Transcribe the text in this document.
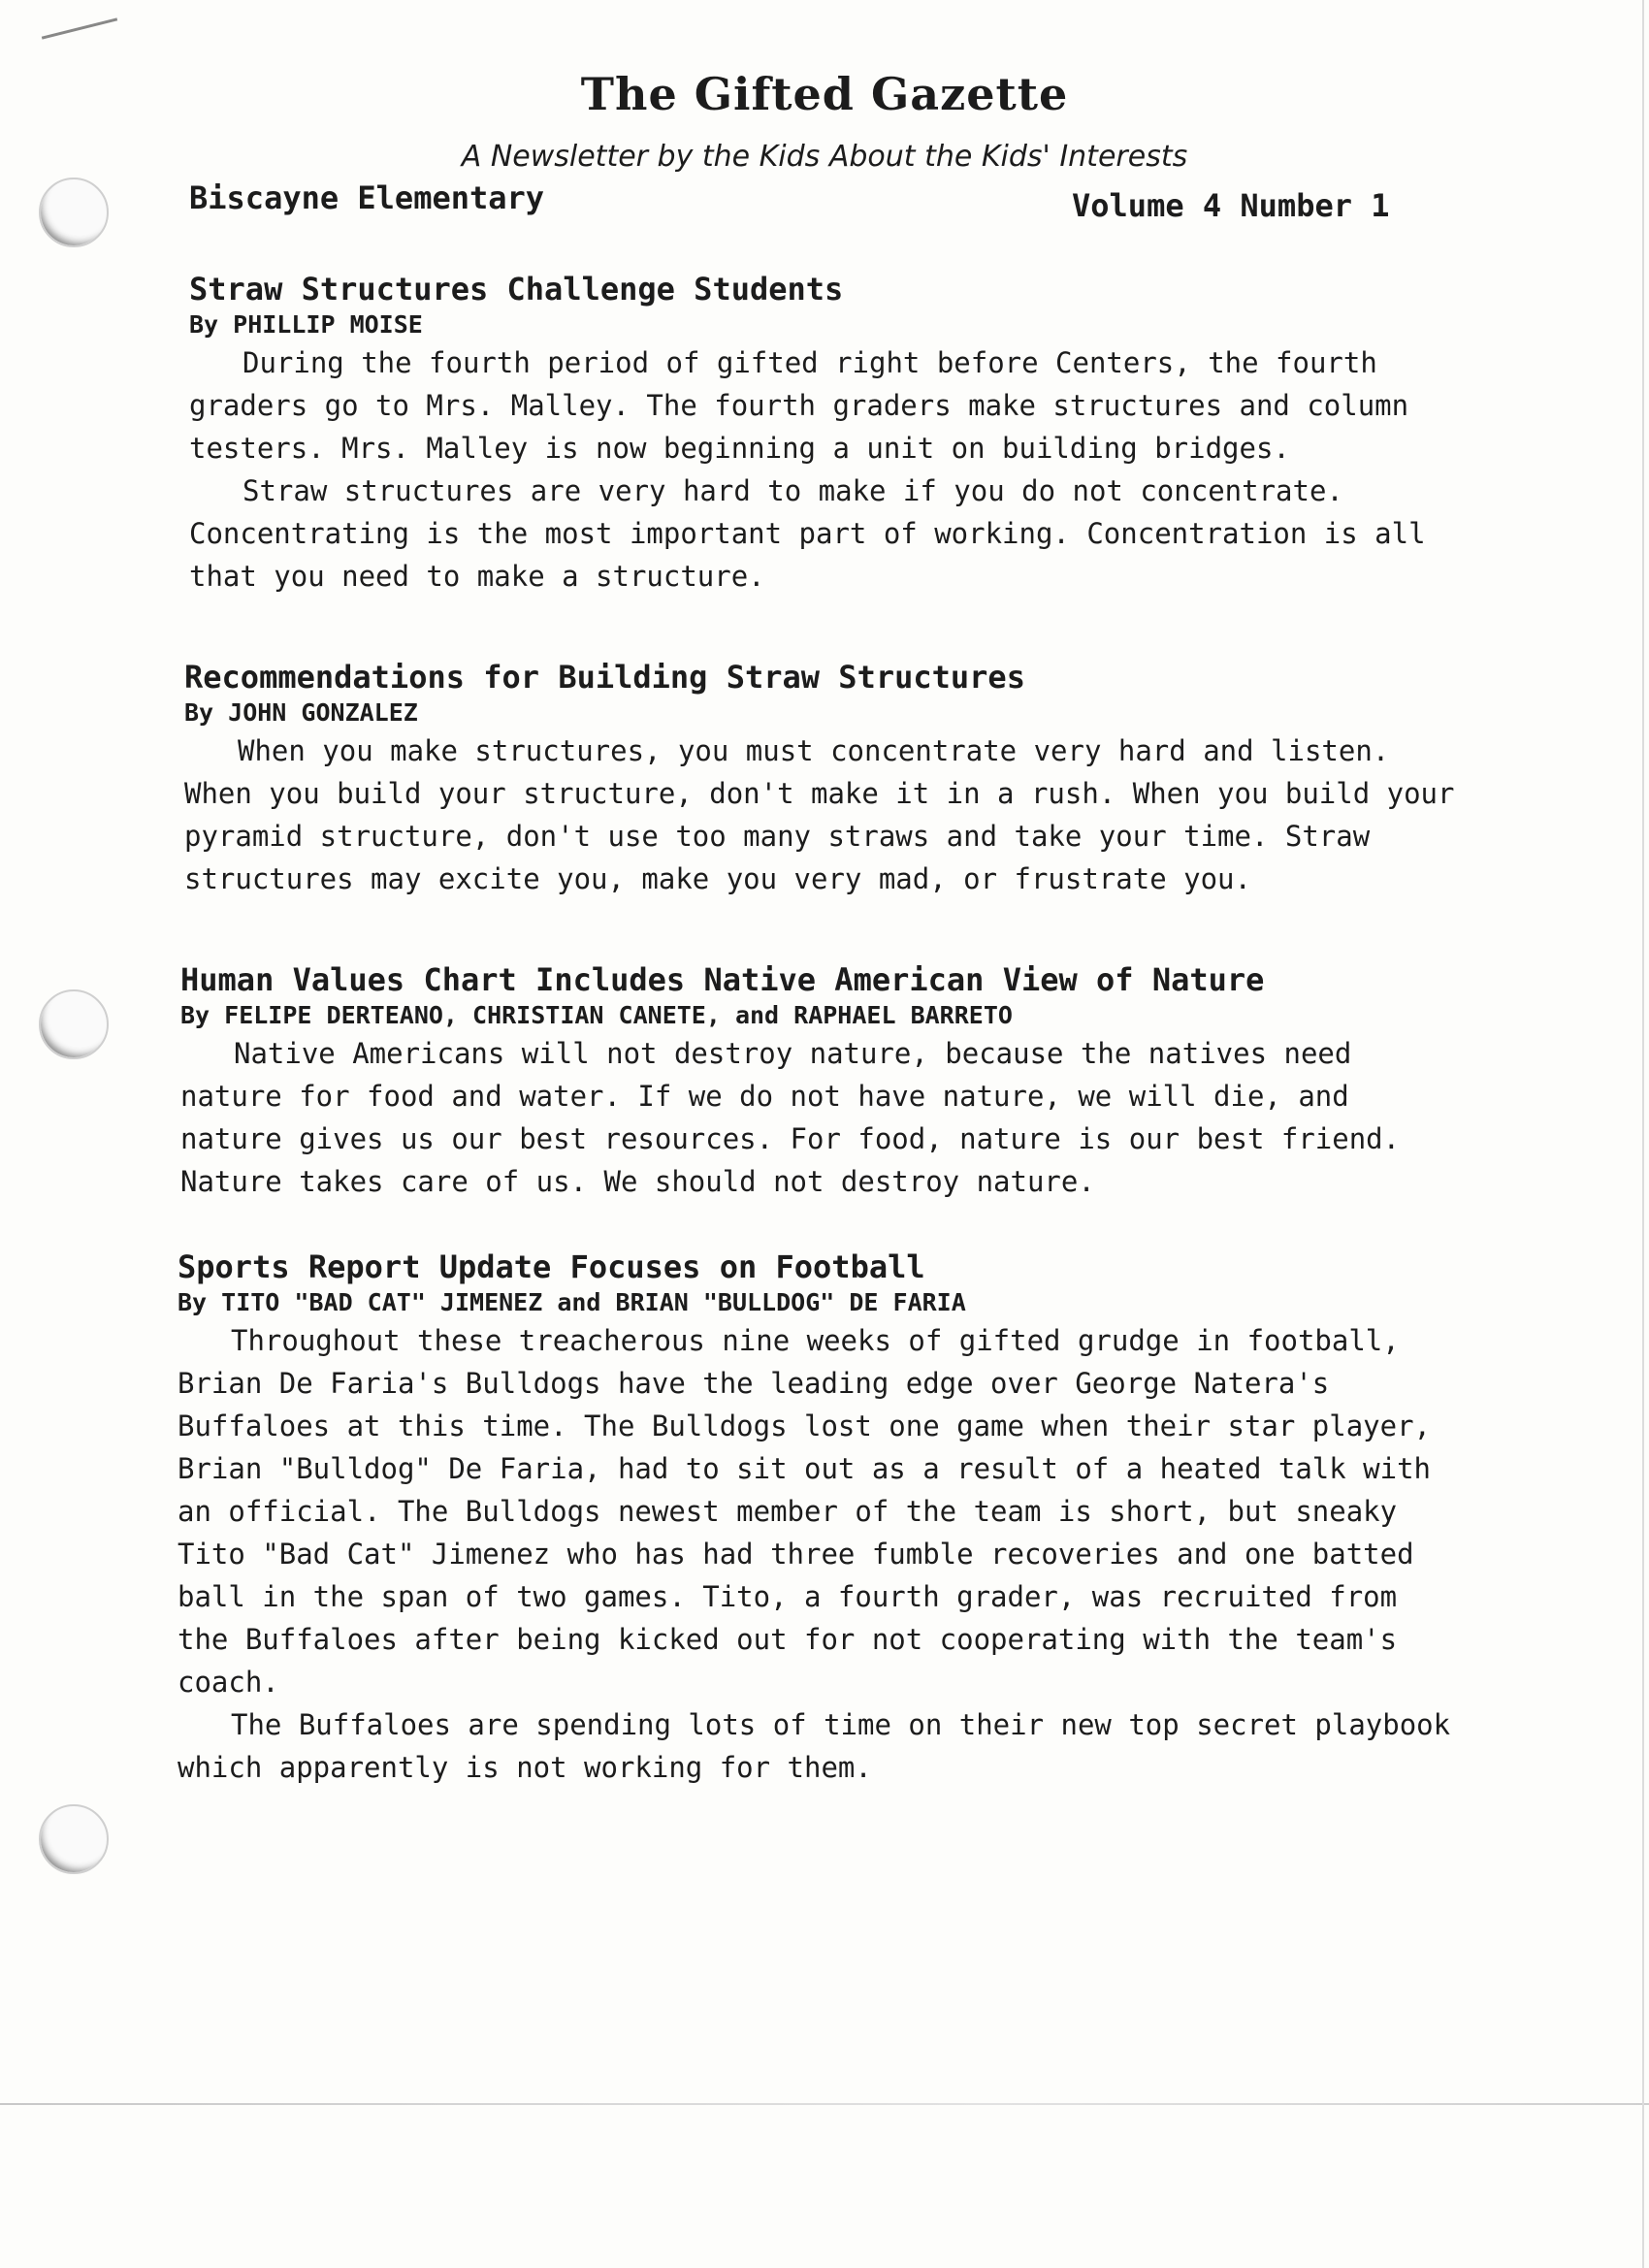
The Gifted Gazette
A Newsletter by the Kids About the Kids' Interests
Biscayne Elementary	Volume 4 Number 1
Straw Structures Challenge Students
By PHILLIP MOISE

During the fourth period of gifted right before Centers, the fourth graders go to Mrs. Malley. The fourth graders make structures and column testers. Mrs. Malley is now beginning a unit on building bridges.

Straw structures are very hard to make if you do not concentrate. Concentrating is the most important part of working. Concentration is all that you need to make a structure.

Recommendations for Building Straw Structures
By JOHN GONZALEZ

When you make structures, you must concentrate very hard and listen. When you build your structure, don't make it in a rush. When you build your pyramid structure, don't use too many straws and take your time. Straw structures may excite you, make you very mad, or frustrate you.

Human Values Chart Includes Native American View of Nature
By FELIPE DERTEANO, CHRISTIAN CANETE, and RAPHAEL BARRETO

Native Americans will not destroy nature, because the natives need nature for food and water. If we do not have nature, we will die, and nature gives us our best resources. For food, nature is our best friend. Nature takes care of us. We should not destroy nature.

Sports Report Update Focuses on Football
By TITO "BAD CAT" JIMENEZ and BRIAN "BULLDOG" DE FARIA

Throughout these treacherous nine weeks of gifted grudge in football, Brian De Faria's Bulldogs have the leading edge over George Natera's Buffaloes at this time. The Bulldogs lost one game when their star player, Brian "Bulldog" De Faria, had to sit out as a result of a heated talk with an official. The Bulldogs newest member of the team is short, but sneaky Tito "Bad Cat" Jimenez who has had three fumble recoveries and one batted ball in the span of two games. Tito, a fourth grader, was recruited from the Buffaloes after being kicked out for not cooperating with the team's coach.

The Buffaloes are spending lots of time on their new top secret playbook which apparently is not working for them.
